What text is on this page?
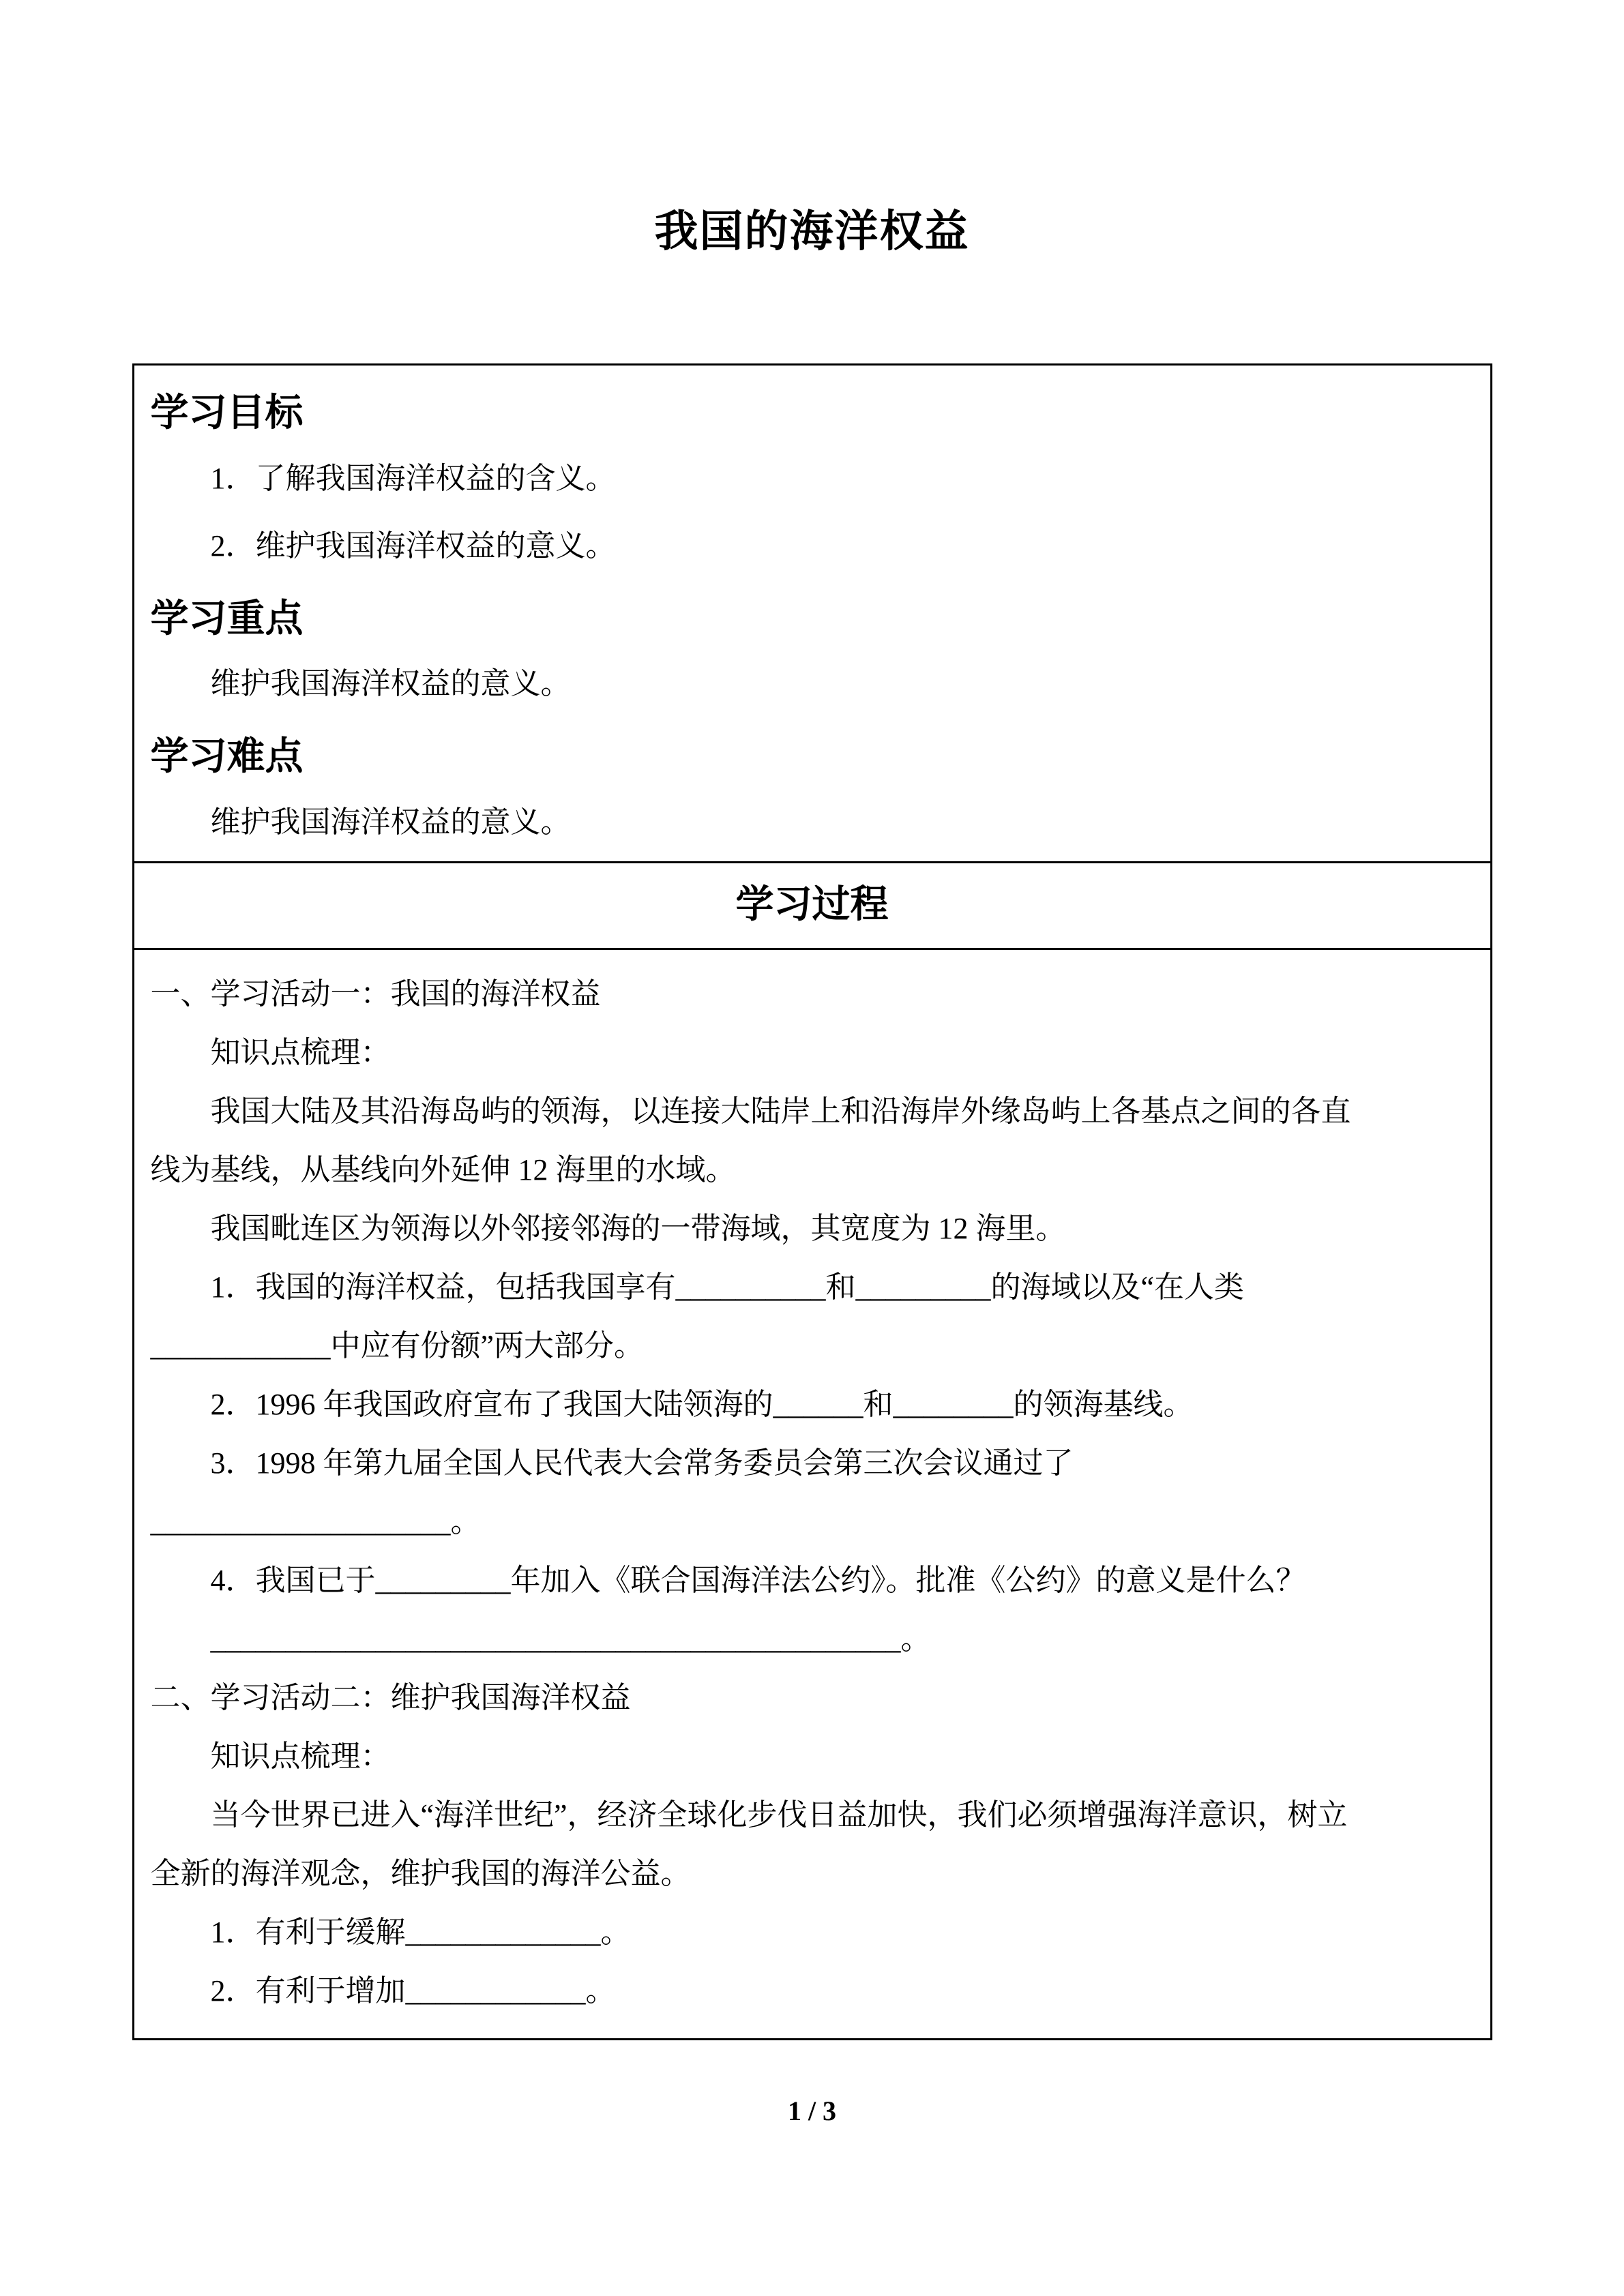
我国的海洋权益
学习目标
　　1．了解我国海洋权益的含义。
　　2．维护我国海洋权益的意义。
学习重点
　　维护我国海洋权益的意义。
学习难点
　　维护我国海洋权益的意义。
学习过程
一、学习活动一：我国的海洋权益
　　知识点梳理：
　　我国大陆及其沿海岛屿的领海，以连接大陆岸上和沿海岸外缘岛屿上各基点之间的各直
线为基线，从基线向外延伸 12 海里的水域。
　　我国毗连区为领海以外邻接邻海的一带海域，其宽度为 12 海里。
　　1．我国的海洋权益，包括我国享有__________和_________的海域以及“在人类
____________中应有份额”两大部分。
　　2．1996 年我国政府宣布了我国大陆领海的______和________的领海基线。
　　3．1998 年第九届全国人民代表大会常务委员会第三次会议通过了
____________________。
　　4．我国已于_________年加入《联合国海洋法公约》。批准《公约》的意义是什么？
　　______________________________________________。
二、学习活动二：维护我国海洋权益
　　知识点梳理：
　　当今世界已进入“海洋世纪”，经济全球化步伐日益加快，我们必须增强海洋意识，树立
全新的海洋观念，维护我国的海洋公益。
　　1．有利于缓解_____________。
　　2．有利于增加____________。
1 / 3
